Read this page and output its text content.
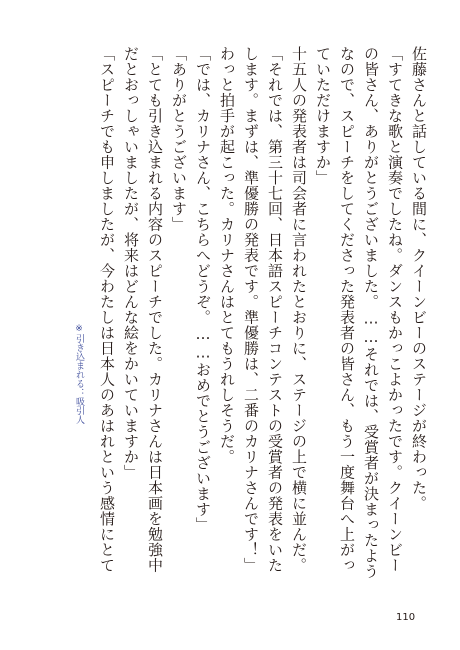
佐藤さんと話している間に、クイーンビーのステージが終わった。
「すてきな歌と演奏でしたね。ダンスもかっこよかったです。クイーンビー
の皆さん、ありがとうございました。……それでは、受賞者が決まったよう
なので、スピーチをしてくださった発表者の皆さん、もう一度舞台へ上がっ
ていただけますか」
十五人の発表者は司会者に言われたとおりに、ステージの上で横に並んだ。
「それでは、第三十七回、日本語スピーチコンテストの受賞者の発表をいた
します。まずは、準優勝の発表です。準優勝は、二番のカリナさんです！」
わっと拍手が起こった。カリナさんはとてもうれしそうだ。
「では、カリナさん、こちらへどうぞ。……おめでとうございます」
「ありがとうございます」
「とても引き込まれる内容のスピーチでした。カリナさんは日本画を勉強中
だとおっしゃいましたが、将来はどんな絵をかいていますか」
「スピーチでも申しましたが、今わたしは日本人のあはれという感情にとて
※引き込まれる：吸引人
110
